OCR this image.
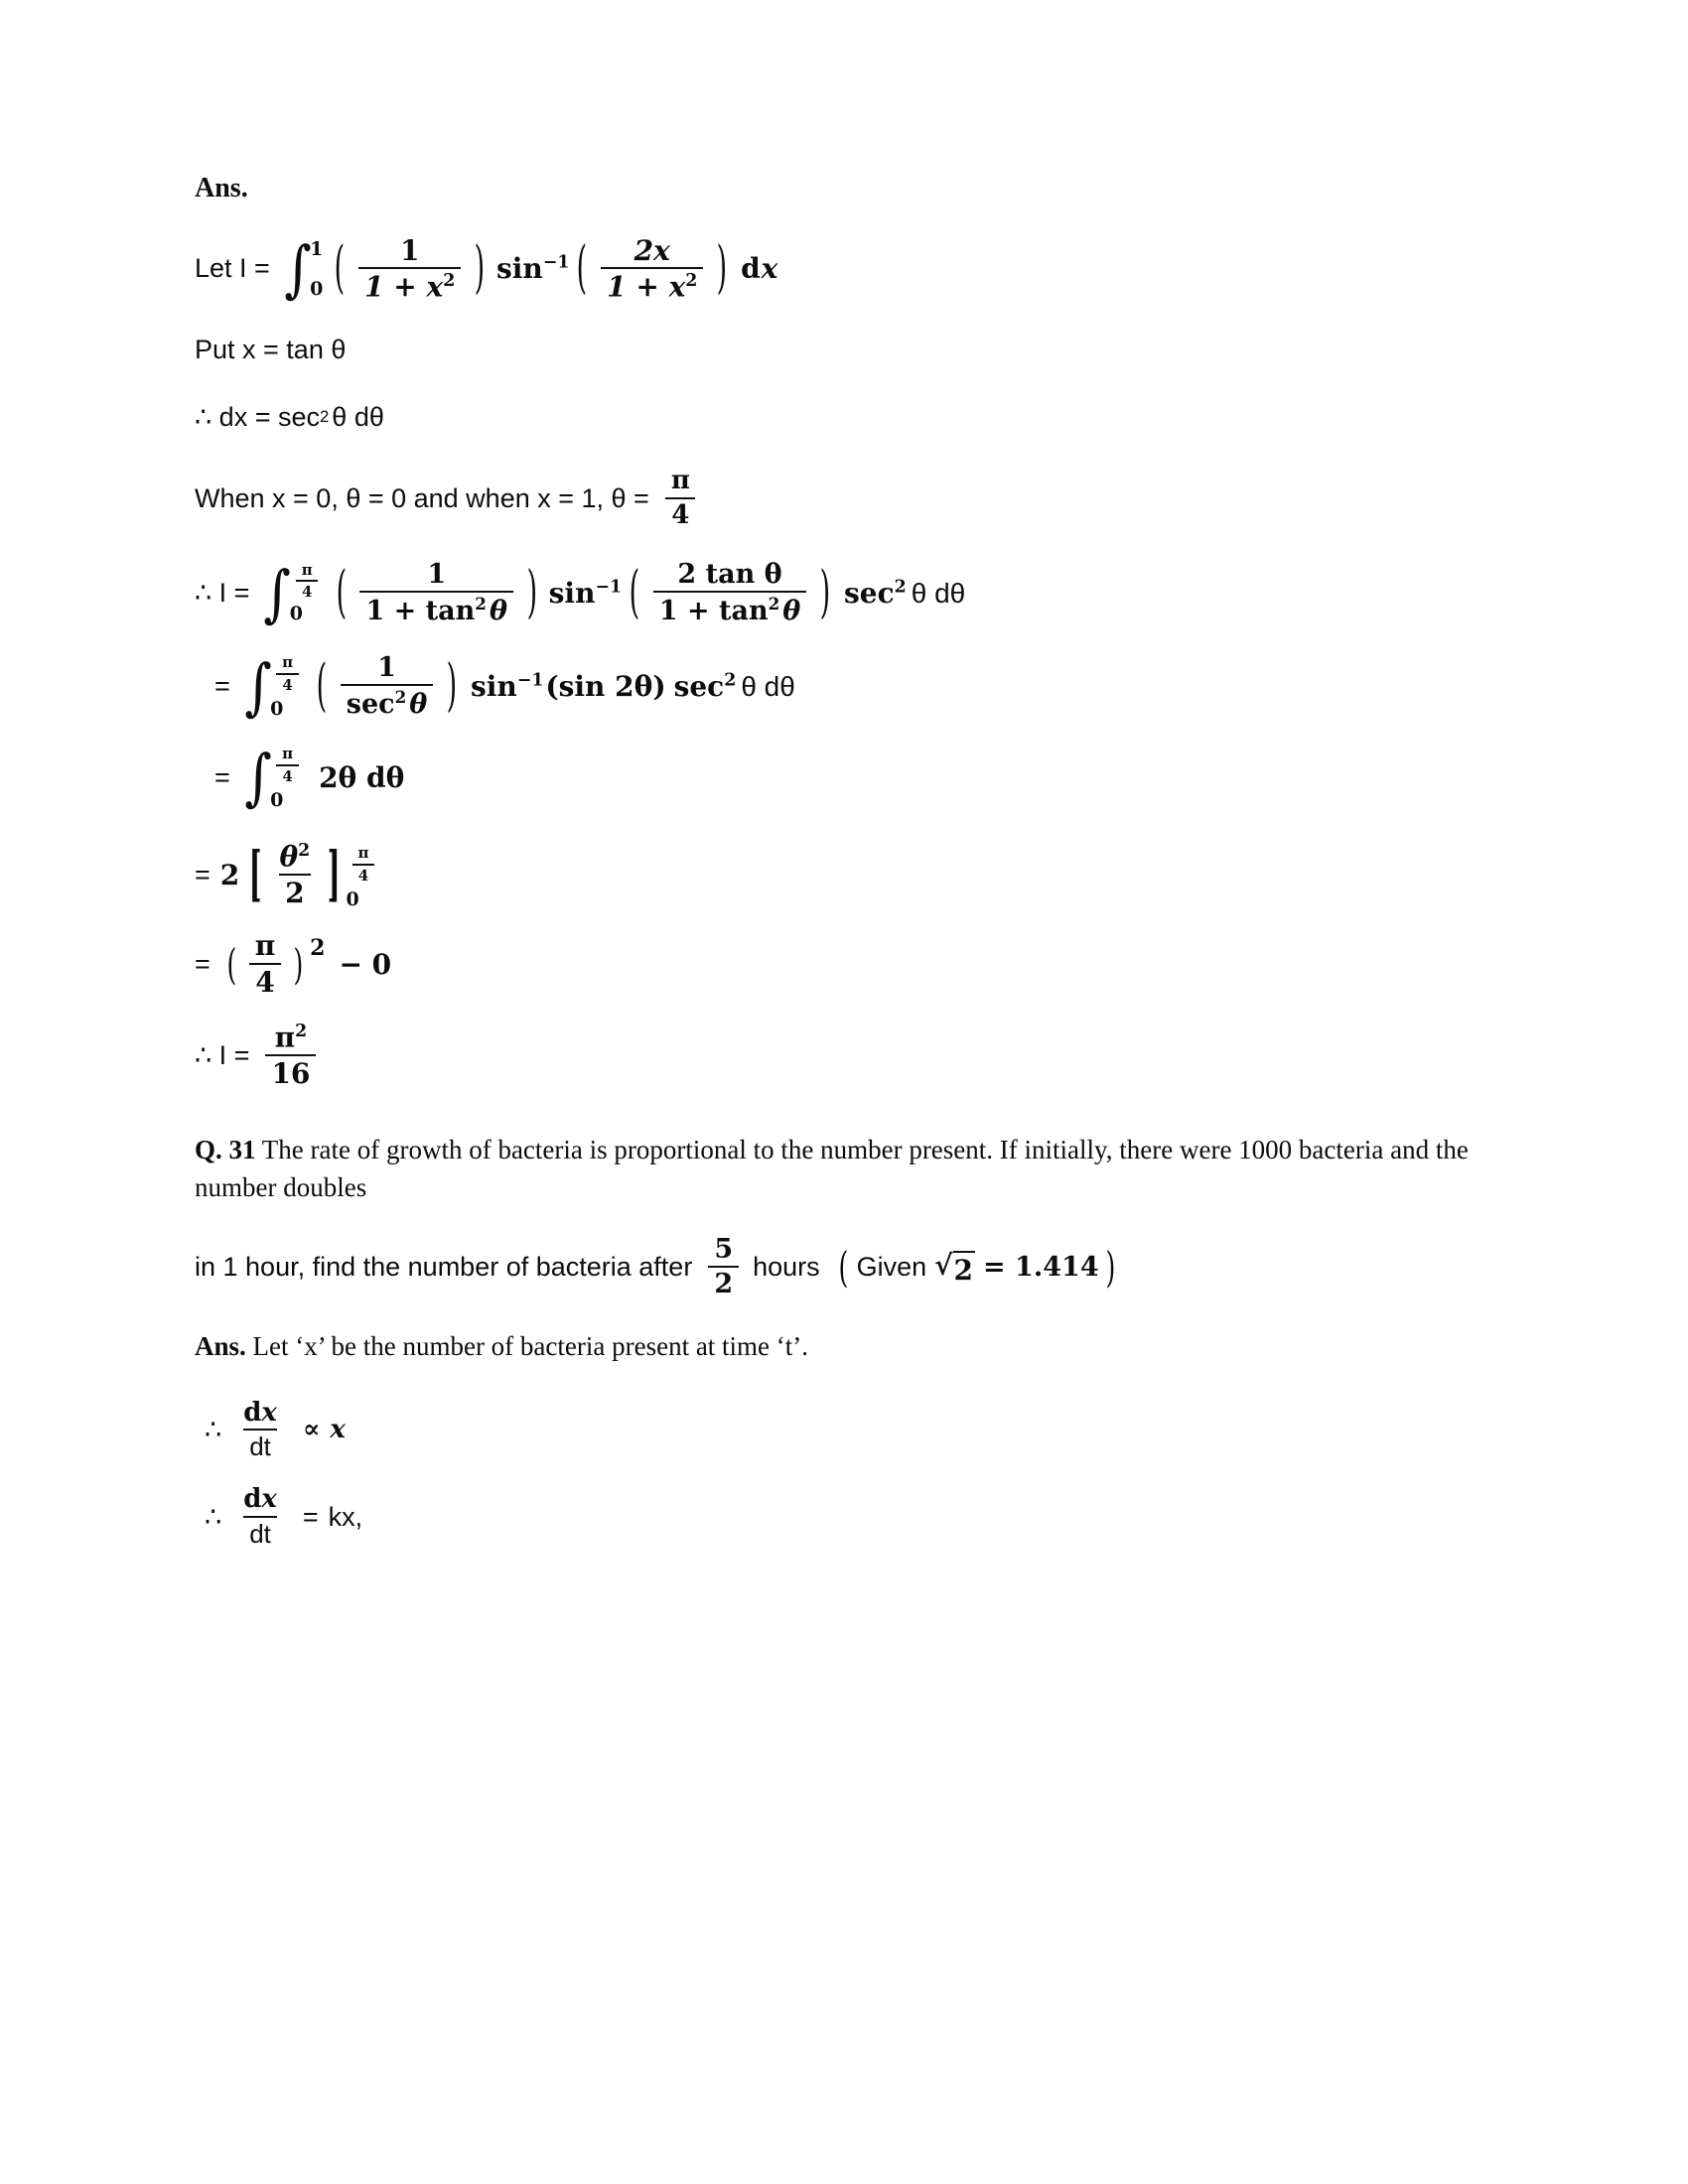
Ans.
Let I = ∫
1
0 ( $\frac{1}{1 + x^2}$ ) $\sin^{-1}$ ( $\frac{2x}{1 + x^2}$ ) dx
Put x = tan θ
∴ dx = sec 2 θ dθ
When x = 0, θ = 0 and when x = 1, $\theta = \frac{\pi}{4}$
∴ I = ∫ $\frac{\pi}{4}$
0	( $\frac{1}{1 + \tan^2 \theta}$ ) $\sin^{-1}$ ( $\frac{\text{2 tan θ}}{1 + \tan^2 \theta}$ ) $\sec^2 \theta$ dθ
= ∫ $\frac{\pi}{4}$
0	( $\frac{1}{\sec^2 \theta}$ ) $\sin^{-1}(\sin$ 2θ) $\sec^2 \theta$ dθ
= ∫ $\frac{\pi}{4}$
0
2θ dθ
= 2 [ $\frac{\theta^2}{2}$ ] $\frac{\pi}{4}$
0
= ( $\frac{\pi}{4}$ ) 2 − 0
∴ $I = \frac{\pi^2}{16}$
Q. 31 The rate of growth of bacteria is proportional to the number present. If initially, there were 1000 bacteria and the number doubles
in 1 hour, find the number of bacteria after $\frac{5}{2}$ hours ( Given √ 2 = 1.414 )
Ans. Let ‘x’ be the number of bacteria present at time ‘t’.
∴ $\frac{dx}{dt} \propto x$
∴ $\frac{dx}{dt}$ = kx,
